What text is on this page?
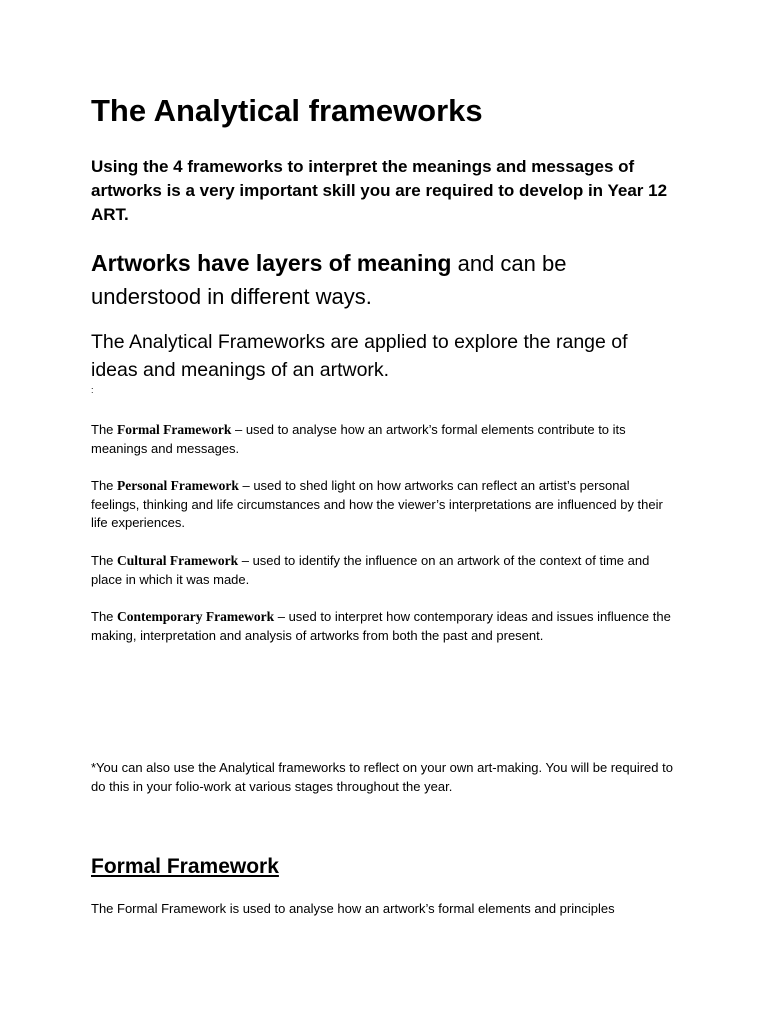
The Analytical frameworks

Using the 4 frameworks to interpret the meanings and messages of artworks is a very important skill you are required to develop in Year 12 ART.

Artworks have layers of meaning and can be understood in different ways.

The Analytical Frameworks are applied to explore the range of ideas and meanings of an artwork.

:

The Formal Framework – used to analyse how an artwork’s formal elements contribute to its meanings and messages.

The Personal Framework – used to shed light on how artworks can reflect an artist’s personal feelings, thinking and life circumstances and how the viewer’s interpretations are influenced by their life experiences.

The Cultural Framework – used to identify the influence on an artwork of the context of time and place in which it was made.

The Contemporary Framework – used to interpret how contemporary ideas and issues influence the making, interpretation and analysis of artworks from both the past and present.

*You can also use the Analytical frameworks to reflect on your own art-making. You will be required to do this in your folio-work at various stages throughout the year.

Formal Framework

The Formal Framework is used to analyse how an artwork’s formal elements and principles
